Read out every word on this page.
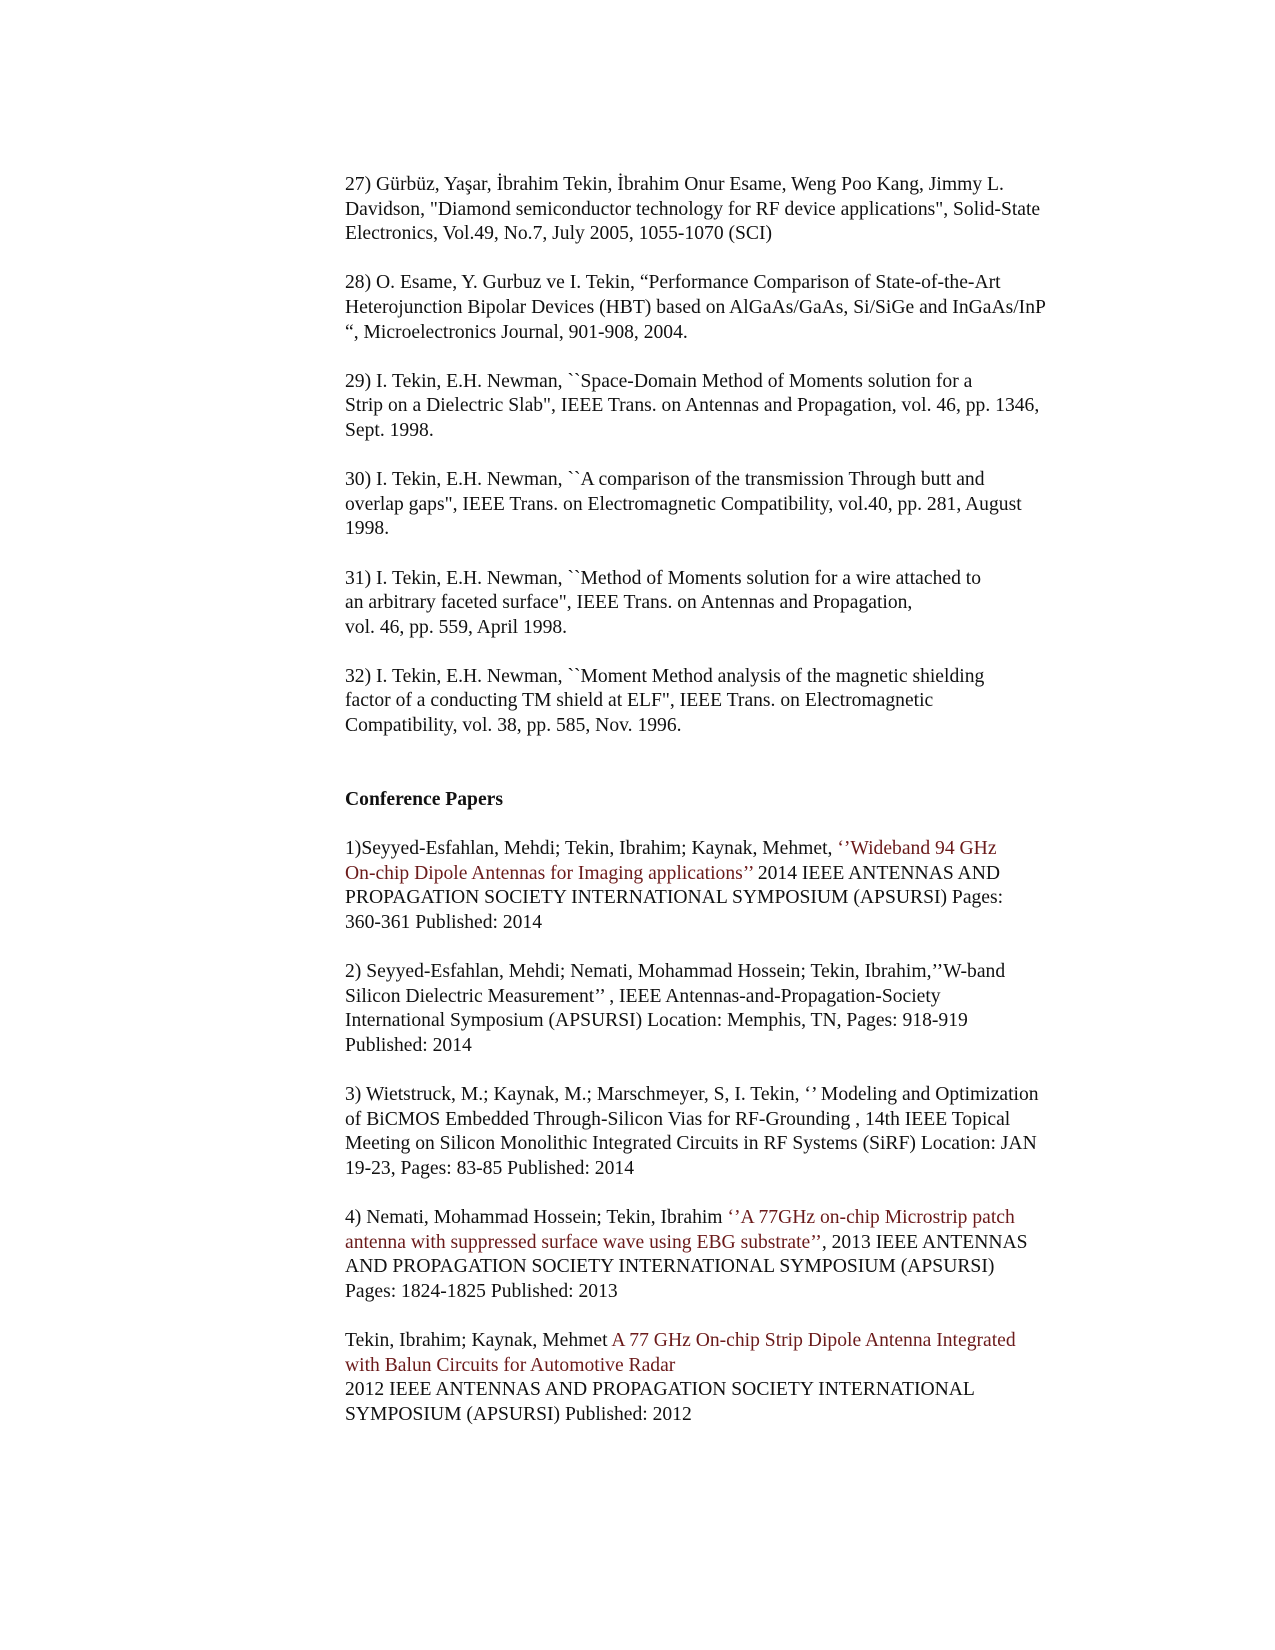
27) Gürbüz, Yaşar, İbrahim Tekin, İbrahim Onur Esame, Weng Poo Kang, Jimmy L.
Davidson, "Diamond semiconductor technology for RF device applications", Solid-State
Electronics, Vol.49, No.7, July 2005, 1055-1070 (SCI)

28) O. Esame, Y. Gurbuz ve I. Tekin, “Performance Comparison of State-of-the-Art
Heterojunction Bipolar Devices (HBT) based on AlGaAs/GaAs, Si/SiGe and InGaAs/InP
“, Microelectronics Journal, 901-908, 2004.

29) I. Tekin, E.H. Newman, ``Space-Domain Method of Moments solution for a
Strip on a Dielectric Slab", IEEE Trans. on Antennas and Propagation, vol. 46, pp. 1346,
Sept. 1998.

30) I. Tekin, E.H. Newman, ``A comparison of the transmission Through butt and
overlap gaps", IEEE Trans. on Electromagnetic Compatibility, vol.40, pp. 281, August
1998.

31) I. Tekin, E.H. Newman, ``Method of Moments solution for a wire attached to
an arbitrary faceted surface", IEEE Trans. on Antennas and Propagation,
vol. 46, pp. 559, April 1998.

32) I. Tekin, E.H. Newman, ``Moment Method analysis of the magnetic shielding
factor of a conducting TM shield at ELF", IEEE Trans. on Electromagnetic
Compatibility, vol. 38, pp. 585, Nov. 1996.

Conference Papers

1)Seyyed-Esfahlan, Mehdi; Tekin, Ibrahim; Kaynak, Mehmet, ‘’Wideband 94 GHz
On-chip Dipole Antennas for Imaging applications’’ 2014 IEEE ANTENNAS AND
PROPAGATION SOCIETY INTERNATIONAL SYMPOSIUM (APSURSI) Pages:
360-361 Published: 2014

2) Seyyed-Esfahlan, Mehdi; Nemati, Mohammad Hossein; Tekin, Ibrahim,’’W-band
Silicon Dielectric Measurement’’ , IEEE Antennas-and-Propagation-Society
International Symposium (APSURSI) Location: Memphis, TN, Pages: 918-919
Published: 2014

3) Wietstruck, M.; Kaynak, M.; Marschmeyer, S, I. Tekin, ‘’ Modeling and Optimization
of BiCMOS Embedded Through-Silicon Vias for RF-Grounding , 14th IEEE Topical
Meeting on Silicon Monolithic Integrated Circuits in RF Systems (SiRF) Location: JAN
19-23, Pages: 83-85 Published: 2014

4) Nemati, Mohammad Hossein; Tekin, Ibrahim ‘’A 77GHz on-chip Microstrip patch
antenna with suppressed surface wave using EBG substrate’’, 2013 IEEE ANTENNAS
AND PROPAGATION SOCIETY INTERNATIONAL SYMPOSIUM (APSURSI)
Pages: 1824-1825 Published: 2013

Tekin, Ibrahim; Kaynak, Mehmet A 77 GHz On-chip Strip Dipole Antenna Integrated
with Balun Circuits for Automotive Radar
2012 IEEE ANTENNAS AND PROPAGATION SOCIETY INTERNATIONAL
SYMPOSIUM (APSURSI) Published: 2012
